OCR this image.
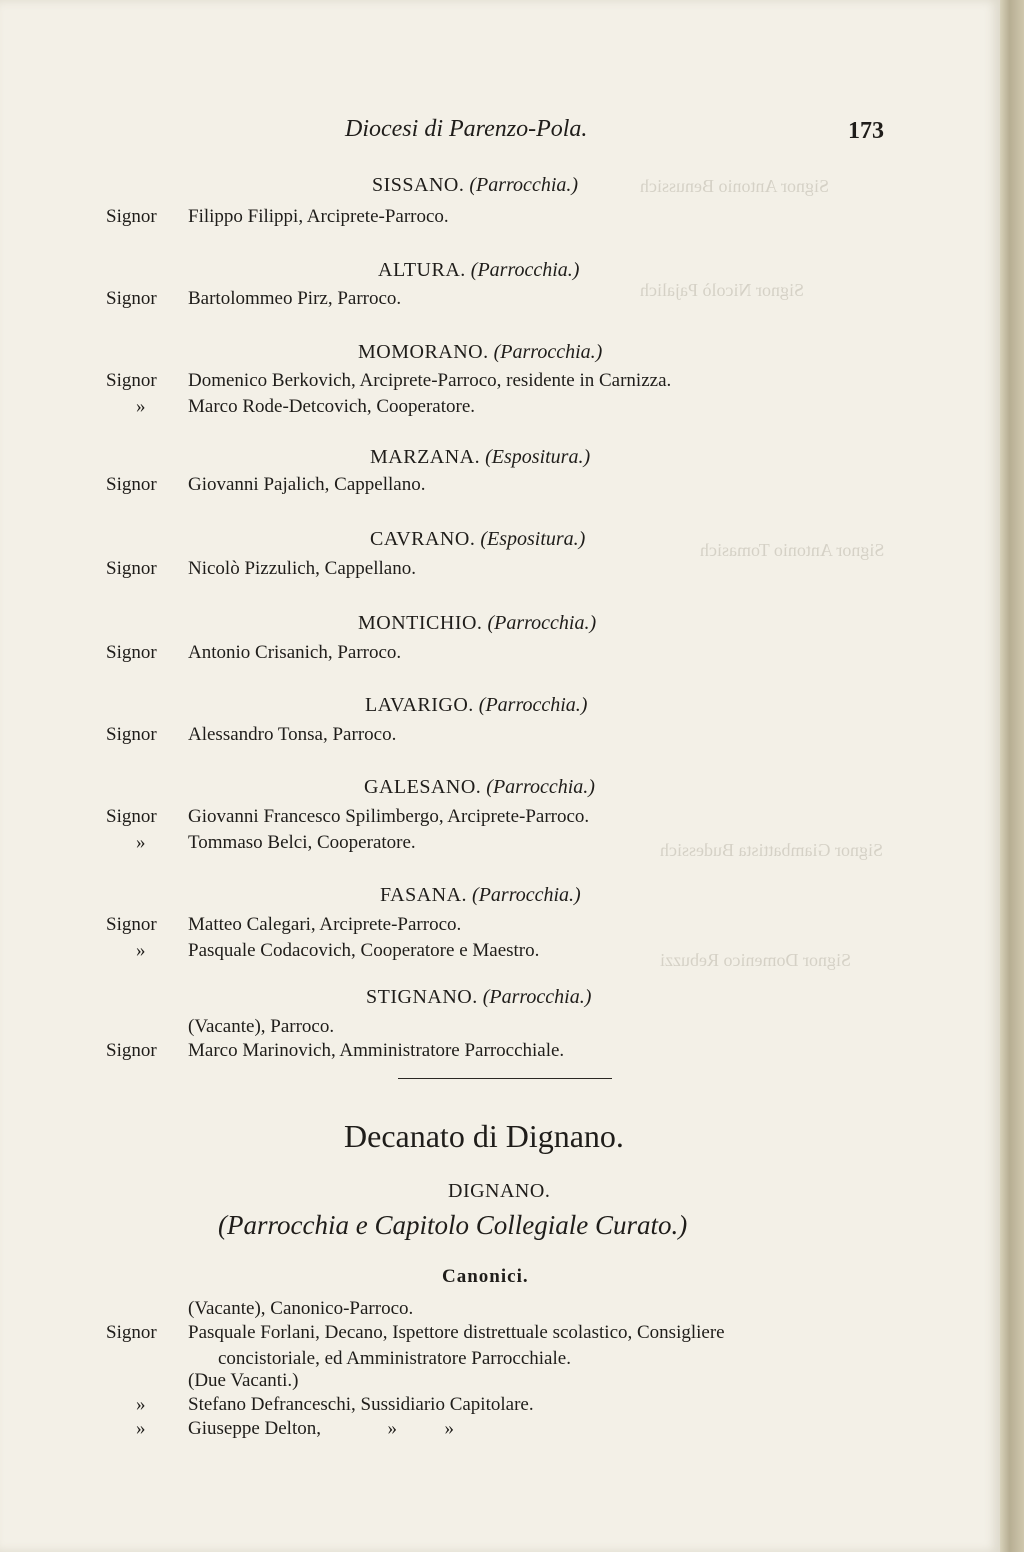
Signor Antonio Benussich
Signor Nicolò Pajalich
Signor Antonio Tomasich
Signor Giambattista Budessich
Signor Domenico Rebuzzi
Diocesi di Parenzo-Pola.	173
SISSANO. (Parrocchia.)
Signor	Filippo Filippi, Arciprete-Parroco.
ALTURA. (Parrocchia.)
Signor	Bartolommeo Pirz, Parroco.
MOMORANO. (Parrocchia.)
Signor	Domenico Berkovich, Arciprete-Parroco, residente in Carnizza.
»	Marco Rode-Detcovich, Cooperatore.
MARZANA. (Espositura.)
Signor	Giovanni Pajalich, Cappellano.
CAVRANO. (Espositura.)
Signor	Nicolò Pizzulich, Cappellano.
MONTICHIO. (Parrocchia.)
Signor	Antonio Crisanich, Parroco.
LAVARIGO. (Parrocchia.)
Signor	Alessandro Tonsa, Parroco.
GALESANO. (Parrocchia.)
Signor	Giovanni Francesco Spilimbergo, Arciprete-Parroco.
»	Tommaso Belci, Cooperatore.
FASANA. (Parrocchia.)
Signor	Matteo Calegari, Arciprete-Parroco.
»	Pasquale Codacovich, Cooperatore e Maestro.
STIGNANO. (Parrocchia.)
(Vacante), Parroco.
Signor	Marco Marinovich, Amministratore Parrocchiale.
Decanato di Dignano.
DIGNANO.
(Parrocchia e Capitolo Collegiale Curato.)
Canonici.
(Vacante), Canonico-Parroco.
Signor	Pasquale Forlani, Decano, Ispettore distrettuale scolastico, Consigliere
concistoriale, ed Amministratore Parrocchiale.
(Due Vacanti.)
»	Stefano Defranceschi, Sussidiario Capitolare.
»	Giuseppe Delton,              »          »
